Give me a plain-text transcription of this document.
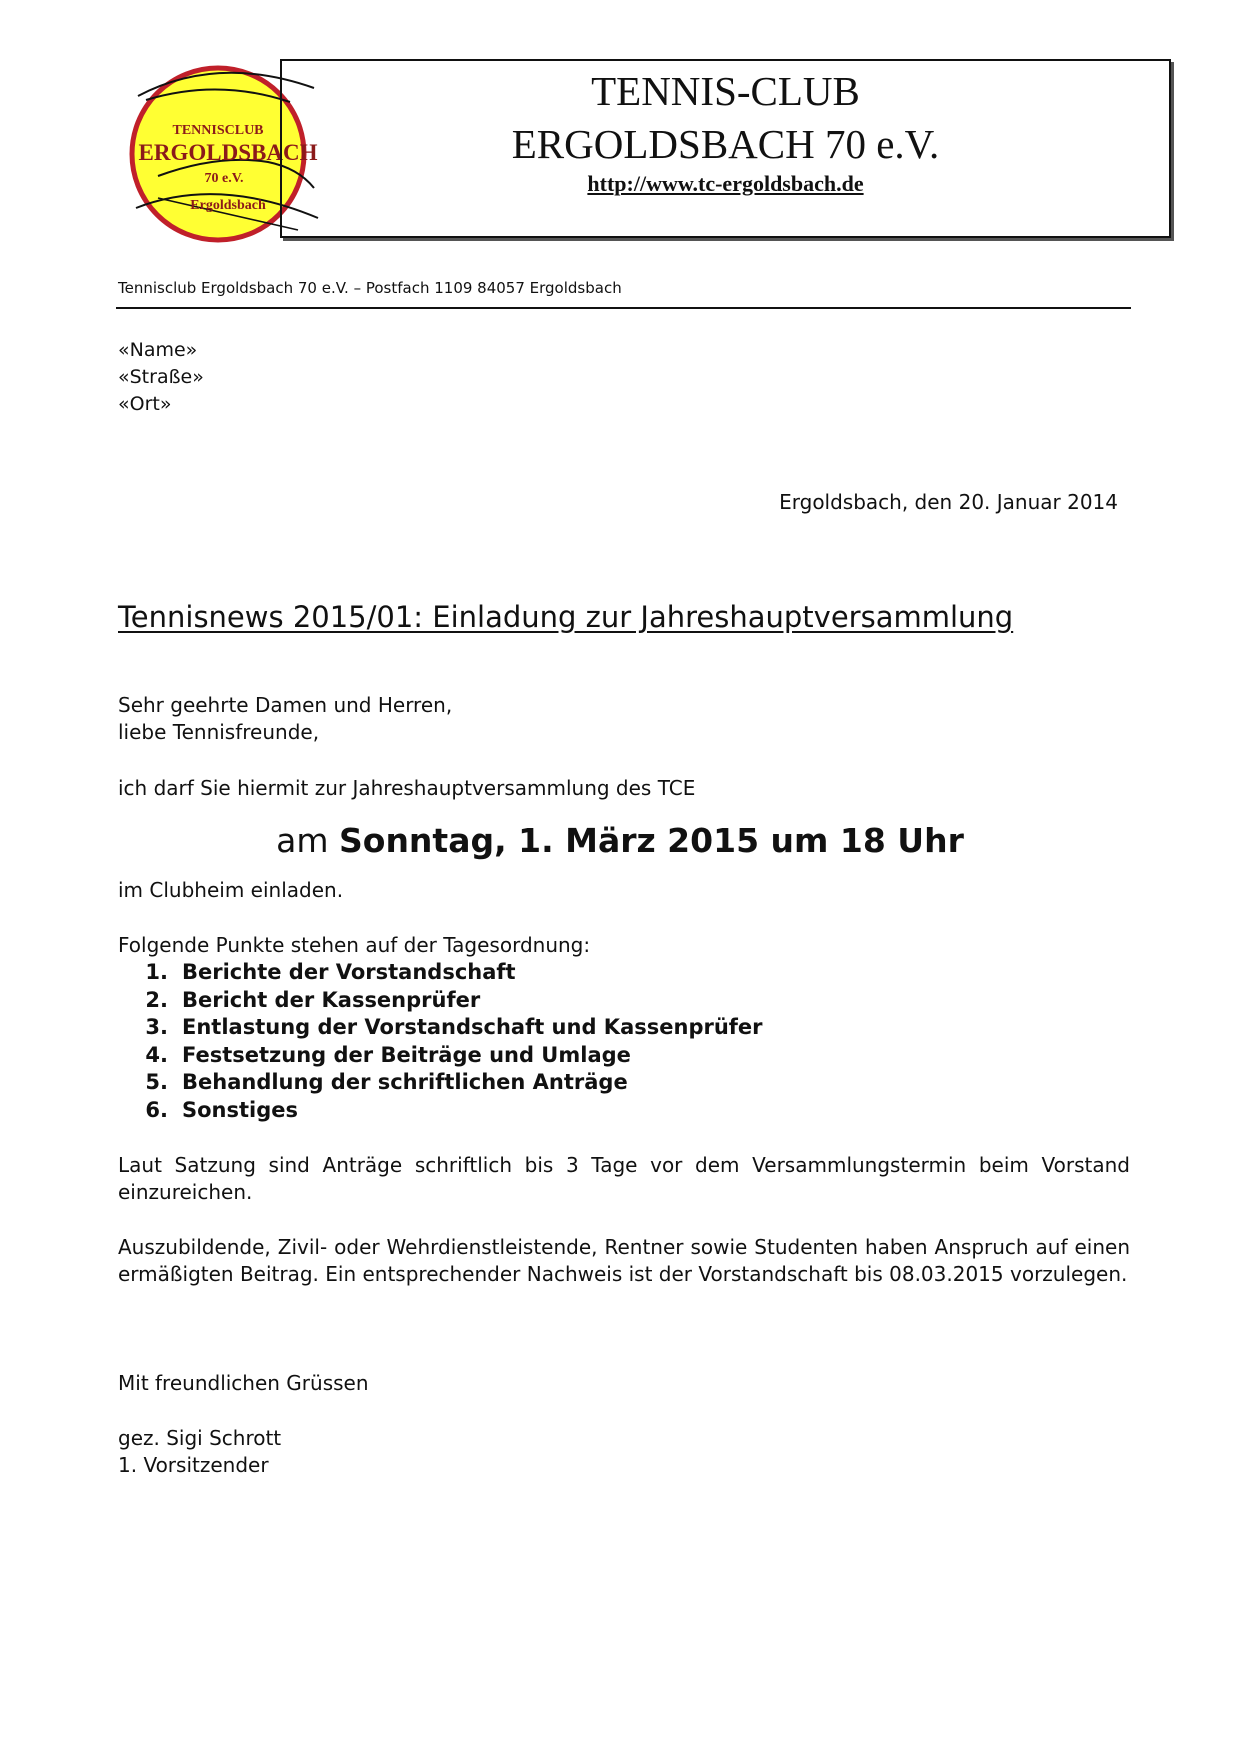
TENNISCLUB
ERGOLDSBACH
70 e.V.
Ergoldsbach
TENNIS-CLUB
ERGOLDSBACH 70 e.V.
http://www.tc-ergoldsbach.de
Tennisclub Ergoldsbach 70 e.V. – Postfach 1109 84057 Ergoldsbach
«Name»
«Straße»
«Ort»
Ergoldsbach, den 20. Januar 2014
Tennisnews 2015/01: Einladung zur Jahreshauptversammlung
Sehr geehrte Damen und Herren,
liebe Tennisfreunde,
ich darf Sie hiermit zur Jahreshauptversammlung des TCE
am Sonntag, 1. März 2015 um 18 Uhr
im Clubheim einladen.
Folgende Punkte stehen auf der Tagesordnung:
1. Berichte der Vorstandschaft
2. Bericht der Kassenprüfer
3. Entlastung der Vorstandschaft und Kassenprüfer
4. Festsetzung der Beiträge und Umlage
5. Behandlung der schriftlichen Anträge
6. Sonstiges
Laut Satzung sind Anträge schriftlich bis 3 Tage vor dem Versammlungstermin beim Vorstand einzureichen.
Auszubildende, Zivil- oder Wehrdienstleistende, Rentner sowie Studenten haben Anspruch auf einen ermäßigten Beitrag. Ein entsprechender Nachweis ist der Vorstandschaft bis 08.03.2015 vorzulegen.
Mit freundlichen Grüssen
gez. Sigi Schrott
1. Vorsitzender
